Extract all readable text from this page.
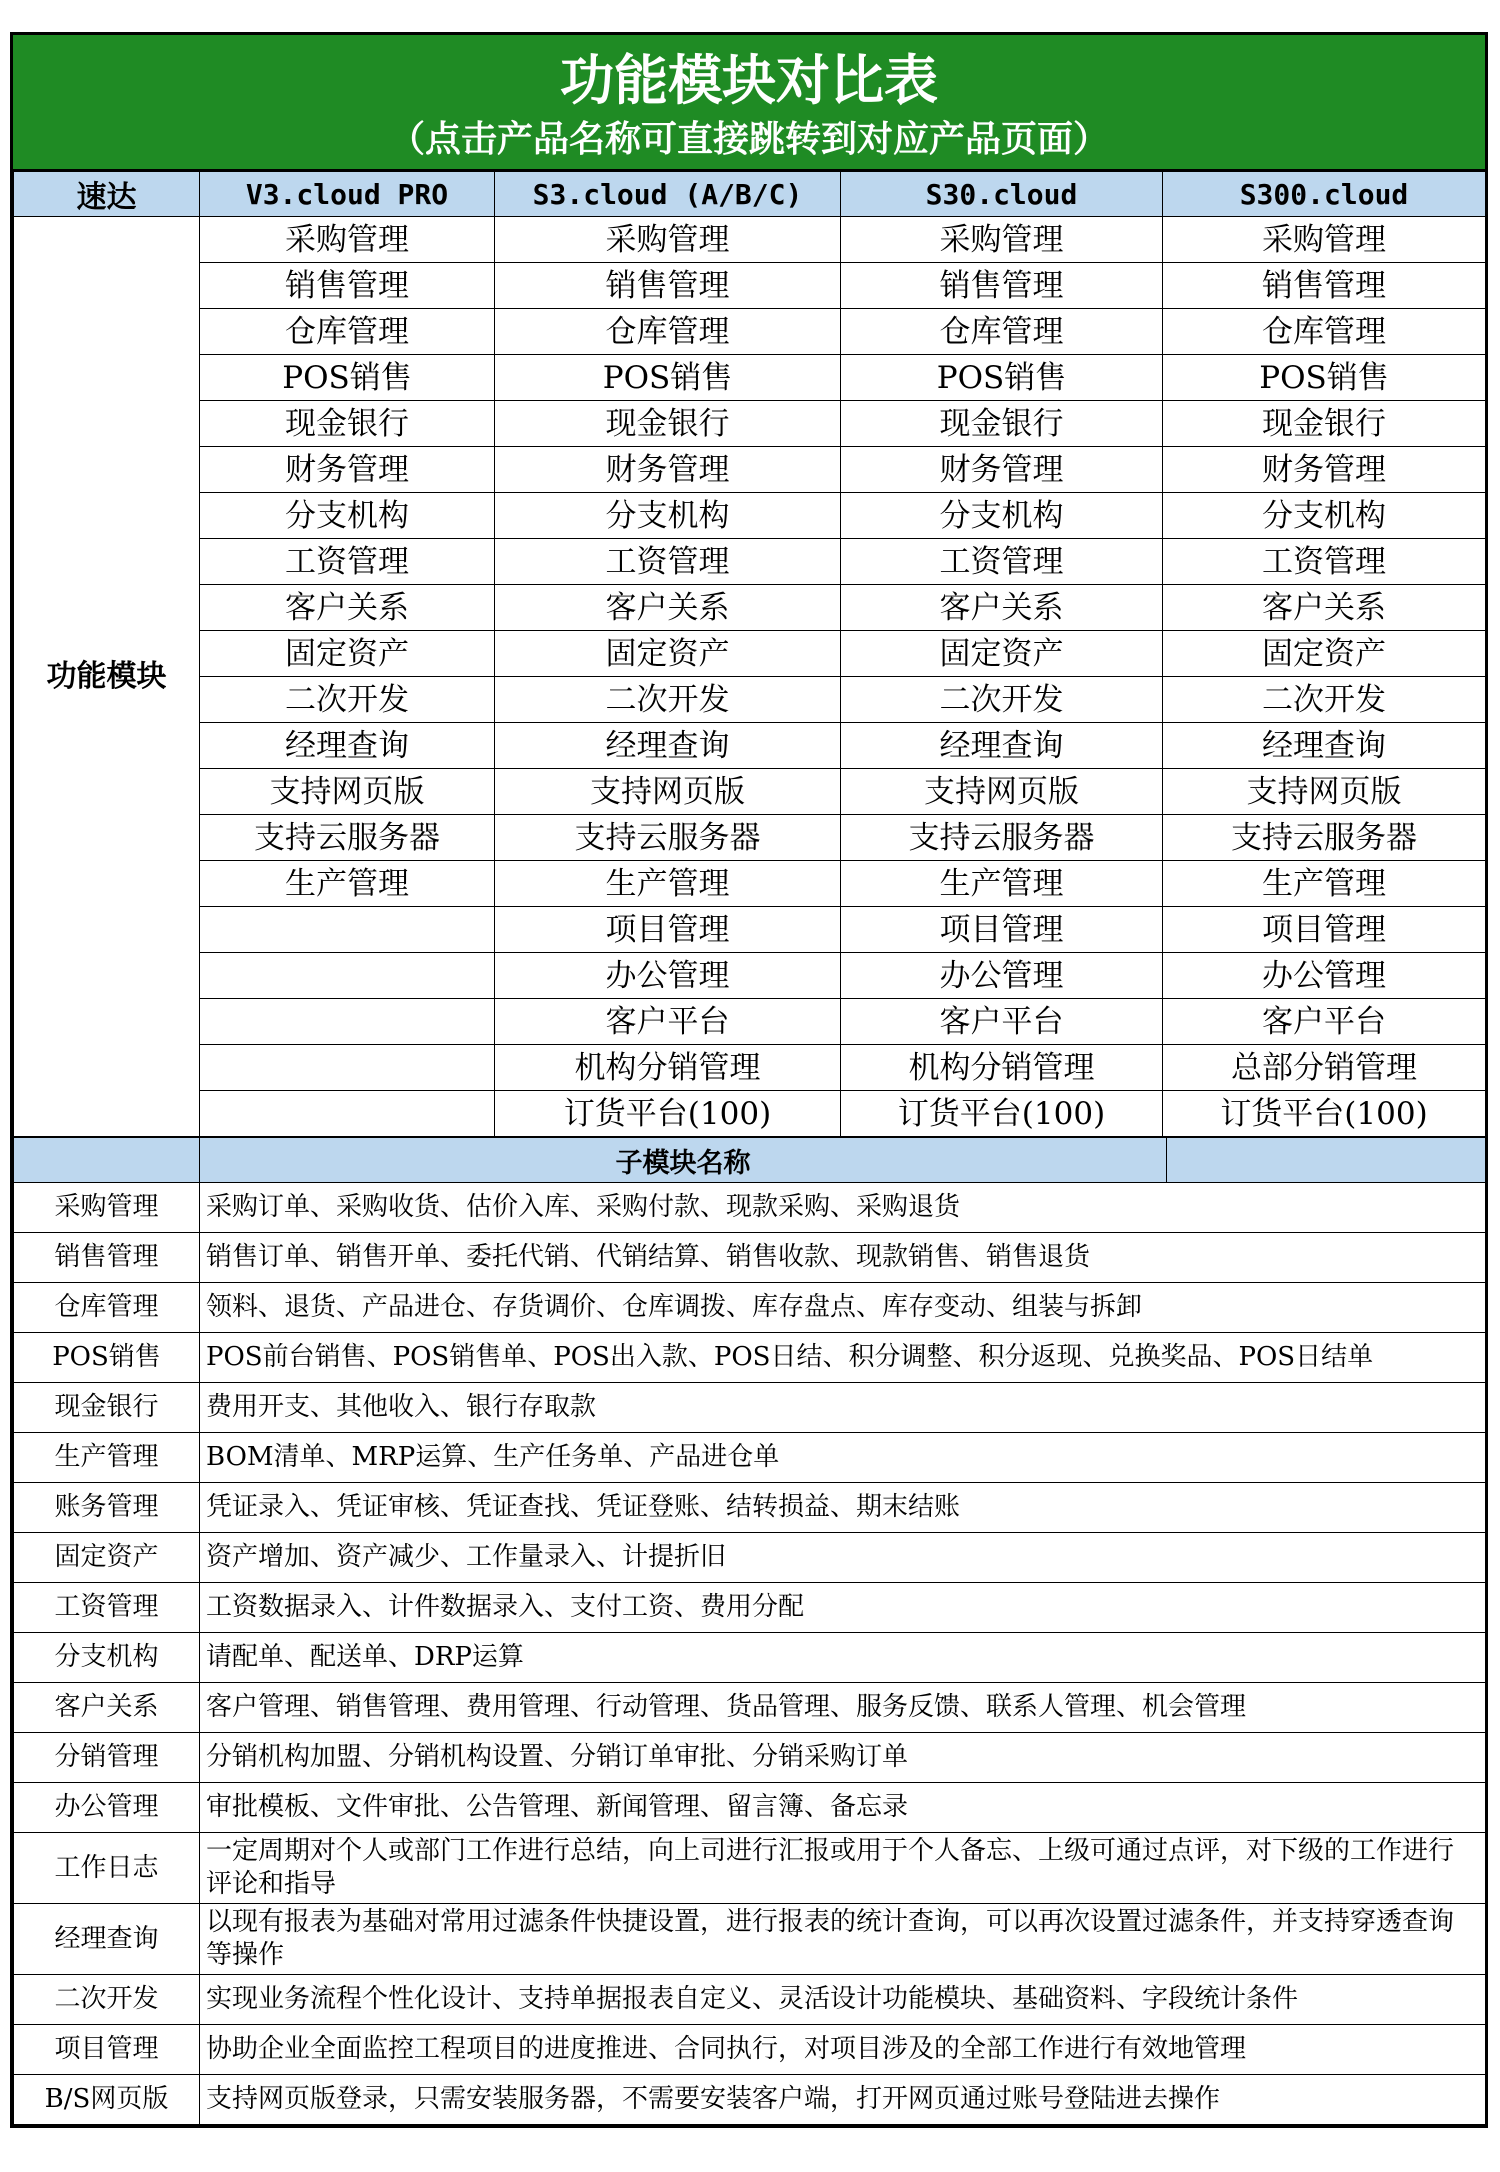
功能模块对比表
（点击产品名称可直接跳转到对应产品页面）
速达	V3.cloud PRO	S3.cloud (A/B/C)	S30.cloud	S300.cloud
功能模块	采购管理	采购管理	采购管理	采购管理
	销售管理	销售管理	销售管理	销售管理
	仓库管理	仓库管理	仓库管理	仓库管理
	POS销售	POS销售	POS销售	POS销售
	现金银行	现金银行	现金银行	现金银行
	财务管理	财务管理	财务管理	财务管理
	分支机构	分支机构	分支机构	分支机构
	工资管理	工资管理	工资管理	工资管理
	客户关系	客户关系	客户关系	客户关系
	固定资产	固定资产	固定资产	固定资产
	二次开发	二次开发	二次开发	二次开发
	经理查询	经理查询	经理查询	经理查询
	支持网页版	支持网页版	支持网页版	支持网页版
	支持云服务器	支持云服务器	支持云服务器	支持云服务器
	生产管理	生产管理	生产管理	生产管理
		项目管理	项目管理	项目管理
		办公管理	办公管理	办公管理
		客户平台	客户平台	客户平台
		机构分销管理	机构分销管理	总部分销管理
		订货平台(100)	订货平台(100)	订货平台(100)
	子模块名称	
采购管理	采购订单、采购收货、估价入库、采购付款、现款采购、采购退货	
销售管理	销售订单、销售开单、委托代销、代销结算、销售收款、现款销售、销售退货	
仓库管理	领料、退货、产品进仓、存货调价、仓库调拨、库存盘点、库存变动、组装与拆卸	
POS销售	POS前台销售、POS销售单、POS出入款、POS日结、积分调整、积分返现、兑换奖品、POS日结单	
现金银行	费用开支、其他收入、银行存取款	
生产管理	BOM清单、MRP运算、生产任务单、产品进仓单	
账务管理	凭证录入、凭证审核、凭证查找、凭证登账、结转损益、期末结账	
固定资产	资产增加、资产减少、工作量录入、计提折旧	
工资管理	工资数据录入、计件数据录入、支付工资、费用分配	
分支机构	请配单、配送单、DRP运算	
客户关系	客户管理、销售管理、费用管理、行动管理、货品管理、服务反馈、联系人管理、机会管理	
分销管理	分销机构加盟、分销机构设置、分销订单审批、分销采购订单	
办公管理	审批模板、文件审批、公告管理、新闻管理、留言簿、备忘录	
工作日志	一定周期对个人或部门工作进行总结，向上司进行汇报或用于个人备忘、上级可通过点评，对下级的工作进行评论和指导	
经理查询	以现有报表为基础对常用过滤条件快捷设置，进行报表的统计查询，可以再次设置过滤条件，并支持穿透查询等操作	
二次开发	实现业务流程个性化设计、支持单据报表自定义、灵活设计功能模块、基础资料、字段统计条件	
项目管理	协助企业全面监控工程项目的进度推进、合同执行，对项目涉及的全部工作进行有效地管理	
B/S网页版	支持网页版登录，只需安装服务器，不需要安装客户端，打开网页通过账号登陆进去操作	
